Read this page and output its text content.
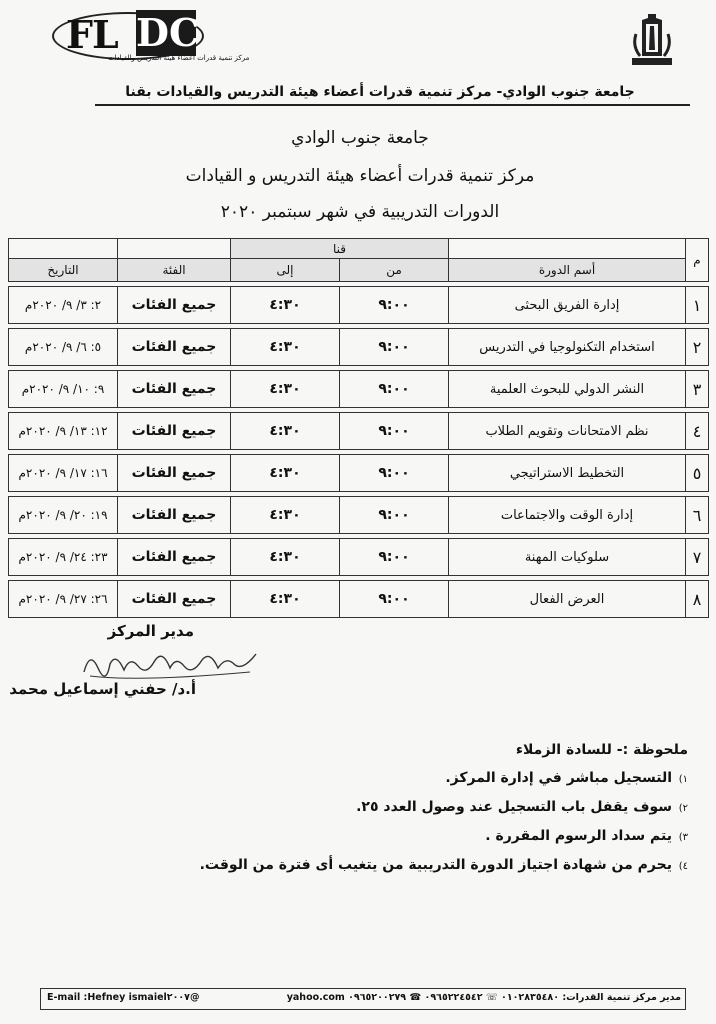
FL DC
مركز تنمية قدرات أعضاء هيئة التدريس والقيادات
جامعة جنوب الوادي- مركز تنمية قدرات أعضاء هيئة التدريس والقيادات بقنا
جامعة جنوب الوادي
مركز تنمية قدرات أعضاء هيئة التدريس و القيادات
الدورات التدريبية في شهر سبتمبر ٢٠٢٠
م		قنا			
	أسم الدورة	من	إلى	الفئة	التاريخ

١	إدارة الفريق البحثى	٩:٠٠	٤:٣٠	جميع الفئات	٢: ٣/ ٩/ ٢٠٢٠م

٢	استخدام التكنولوجيا في التدريس	٩:٠٠	٤:٣٠	جميع الفئات	٥: ٦/ ٩/ ٢٠٢٠م

٣	النشر الدولي للبحوث العلمية	٩:٠٠	٤:٣٠	جميع الفئات	٩: ١٠/ ٩/ ٢٠٢٠م

٤	نظم الامتحانات وتقويم الطلاب	٩:٠٠	٤:٣٠	جميع الفئات	١٢: ١٣/ ٩/ ٢٠٢٠م

٥	التخطيط الاستراتيجي	٩:٠٠	٤:٣٠	جميع الفئات	١٦: ١٧/ ٩/ ٢٠٢٠م

٦	إدارة الوقت والاجتماعات	٩:٠٠	٤:٣٠	جميع الفئات	١٩: ٢٠/ ٩/ ٢٠٢٠م

٧	سلوكيات المهنة	٩:٠٠	٤:٣٠	جميع الفئات	٢٣: ٢٤/ ٩/ ٢٠٢٠م

٨	العرض الفعال	٩:٠٠	٤:٣٠	جميع الفئات	٢٦: ٢٧/ ٩/ ٢٠٢٠م
مدير المركز
أ.د/ حفني إسماعيل محمد
ملحوظة :- للسادة الزملاء
١)التسجيل مباشر في إدارة المركز.
٢)سوف يقفل باب التسجيل عند وصول العدد ٢٥.
٣)يتم سداد الرسوم المقررة .
٤)يحرم من شهادة اجتياز الدورة التدريبية من يتغيب أى فترة من الوقت.
مدير مركز تنمية القدرات: ٠١٠٢٨٣٥٤٨٠ ☏ ٠٩٦٥٢٢٤٥٤٢ ☎ ٠٩٦٥٢٠٠٢٧٩ yahoo.com
E-mail :Hefney ismaiel٢٠٠٧@
